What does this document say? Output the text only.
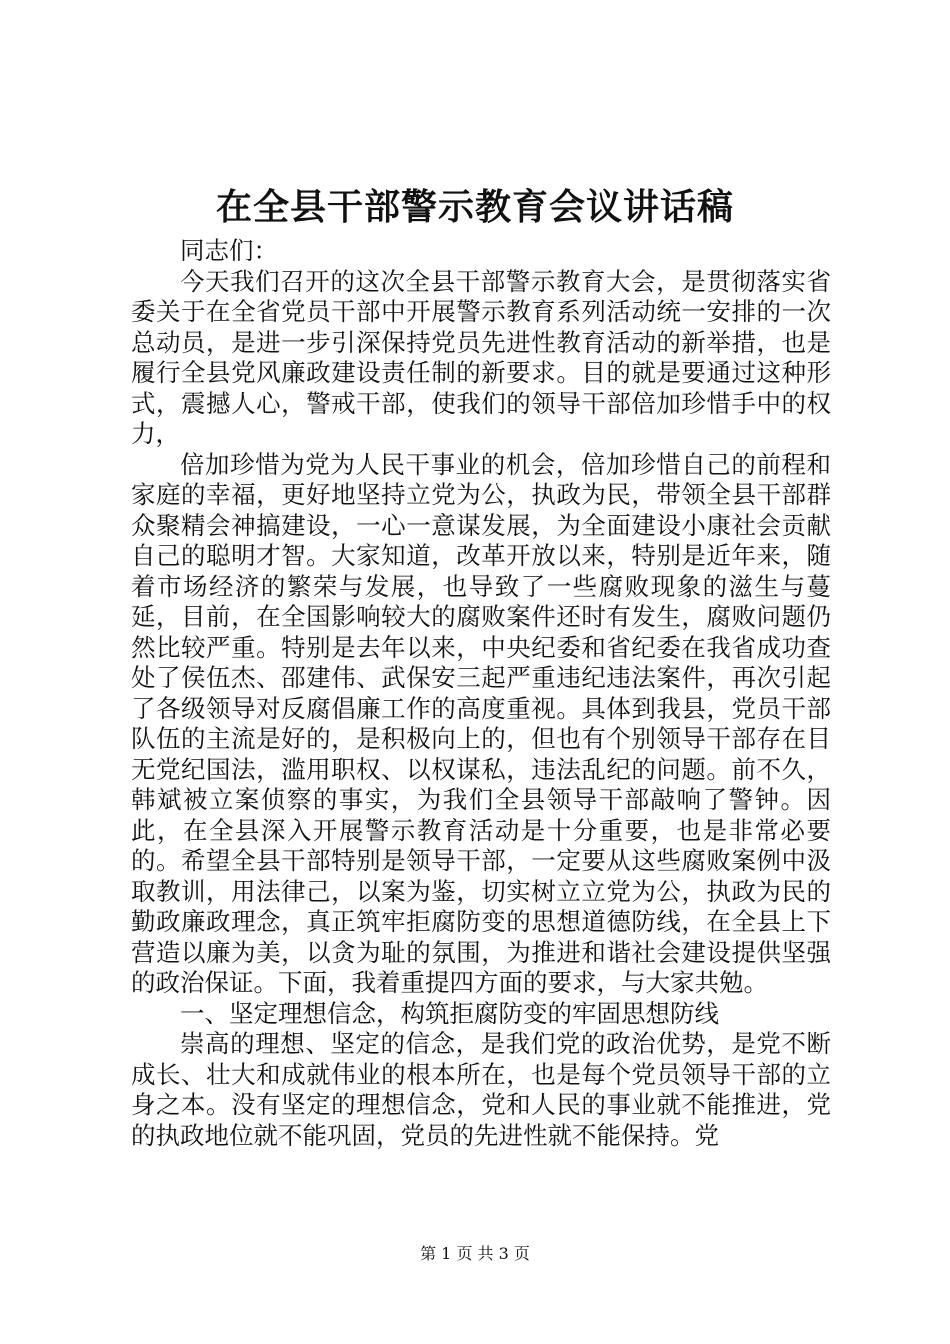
在全县干部警示教育会议讲话稿

同志们：

今天我们召开的这次全县干部警示教育大会，是贯彻落实省委关于在全省党员干部中开展警示教育系列活动统一安排的一次总动员，是进一步引深保持党员先进性教育活动的新举措，也是履行全县党风廉政建设责任制的新要求。目的就是要通过这种形式，震撼人心，警戒干部，使我们的领导干部倍加珍惜手中的权力，

倍加珍惜为党为人民干事业的机会，倍加珍惜自己的前程和家庭的幸福，更好地坚持立党为公，执政为民，带领全县干部群众聚精会神搞建设，一心一意谋发展，为全面建设小康社会贡献自己的聪明才智。大家知道，改革开放以来，特别是近年来，随着市场经济的繁荣与发展，也导致了一些腐败现象的滋生与蔓延，目前，在全国影响较大的腐败案件还时有发生，腐败问题仍然比较严重。特别是去年以来，中央纪委和省纪委在我省成功查处了侯伍杰、邵建伟、武保安三起严重违纪违法案件，再次引起了各级领导对反腐倡廉工作的高度重视。具体到我县，党员干部队伍的主流是好的，是积极向上的，但也有个别领导干部存在目无党纪国法，滥用职权、以权谋私，违法乱纪的问题。前不久，韩斌被立案侦察的事实，为我们全县领导干部敲响了警钟。因此，在全县深入开展警示教育活动是十分重要，也是非常必要的。希望全县干部特别是领导干部，一定要从这些腐败案例中汲取教训，用法律己，以案为鉴，切实树立立党为公，执政为民的勤政廉政理念，真正筑牢拒腐防变的思想道德防线，在全县上下营造以廉为美，以贪为耻的氛围，为推进和谐社会建设提供坚强的政治保证。下面，我着重提四方面的要求，与大家共勉。

一、坚定理想信念，构筑拒腐防变的牢固思想防线

崇高的理想、坚定的信念，是我们党的政治优势，是党不断成长、壮大和成就伟业的根本所在，也是每个党员领导干部的立身之本。没有坚定的理想信念，党和人民的事业就不能推进，党的执政地位就不能巩固，党员的先进性就不能保持。党

第 1 页 共 3 页
